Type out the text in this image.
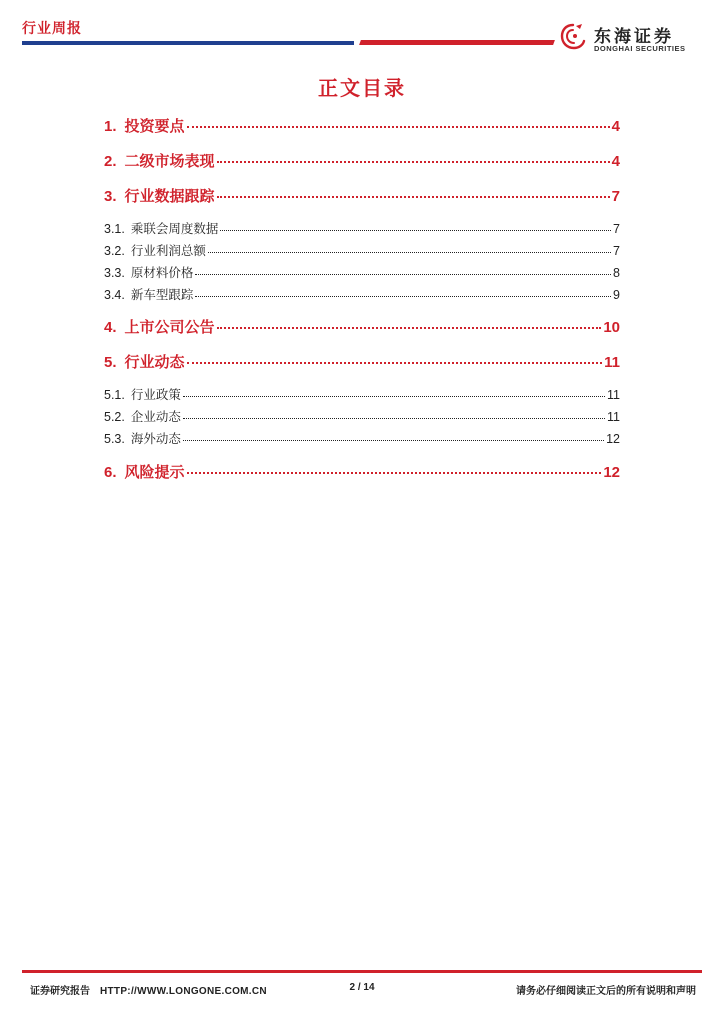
行业周报	东海证券
DONGHAI SECURITIES
正文目录
1. 投资要点	4
2. 二级市场表现	4
3. 行业数据跟踪	7
3.1. 乘联会周度数据	7
3.2. 行业利润总额	7
3.3. 原材料价格	8
3.4. 新车型跟踪	9
4. 上市公司公告	10
5. 行业动态	11
5.1. 行业政策	11
5.2. 企业动态	11
5.3. 海外动态	12
6. 风险提示	12
证券研究报告 HTTP://WWW.LONGONE.COM.CN	2 / 14	请务必仔细阅读正文后的所有说明和声明
